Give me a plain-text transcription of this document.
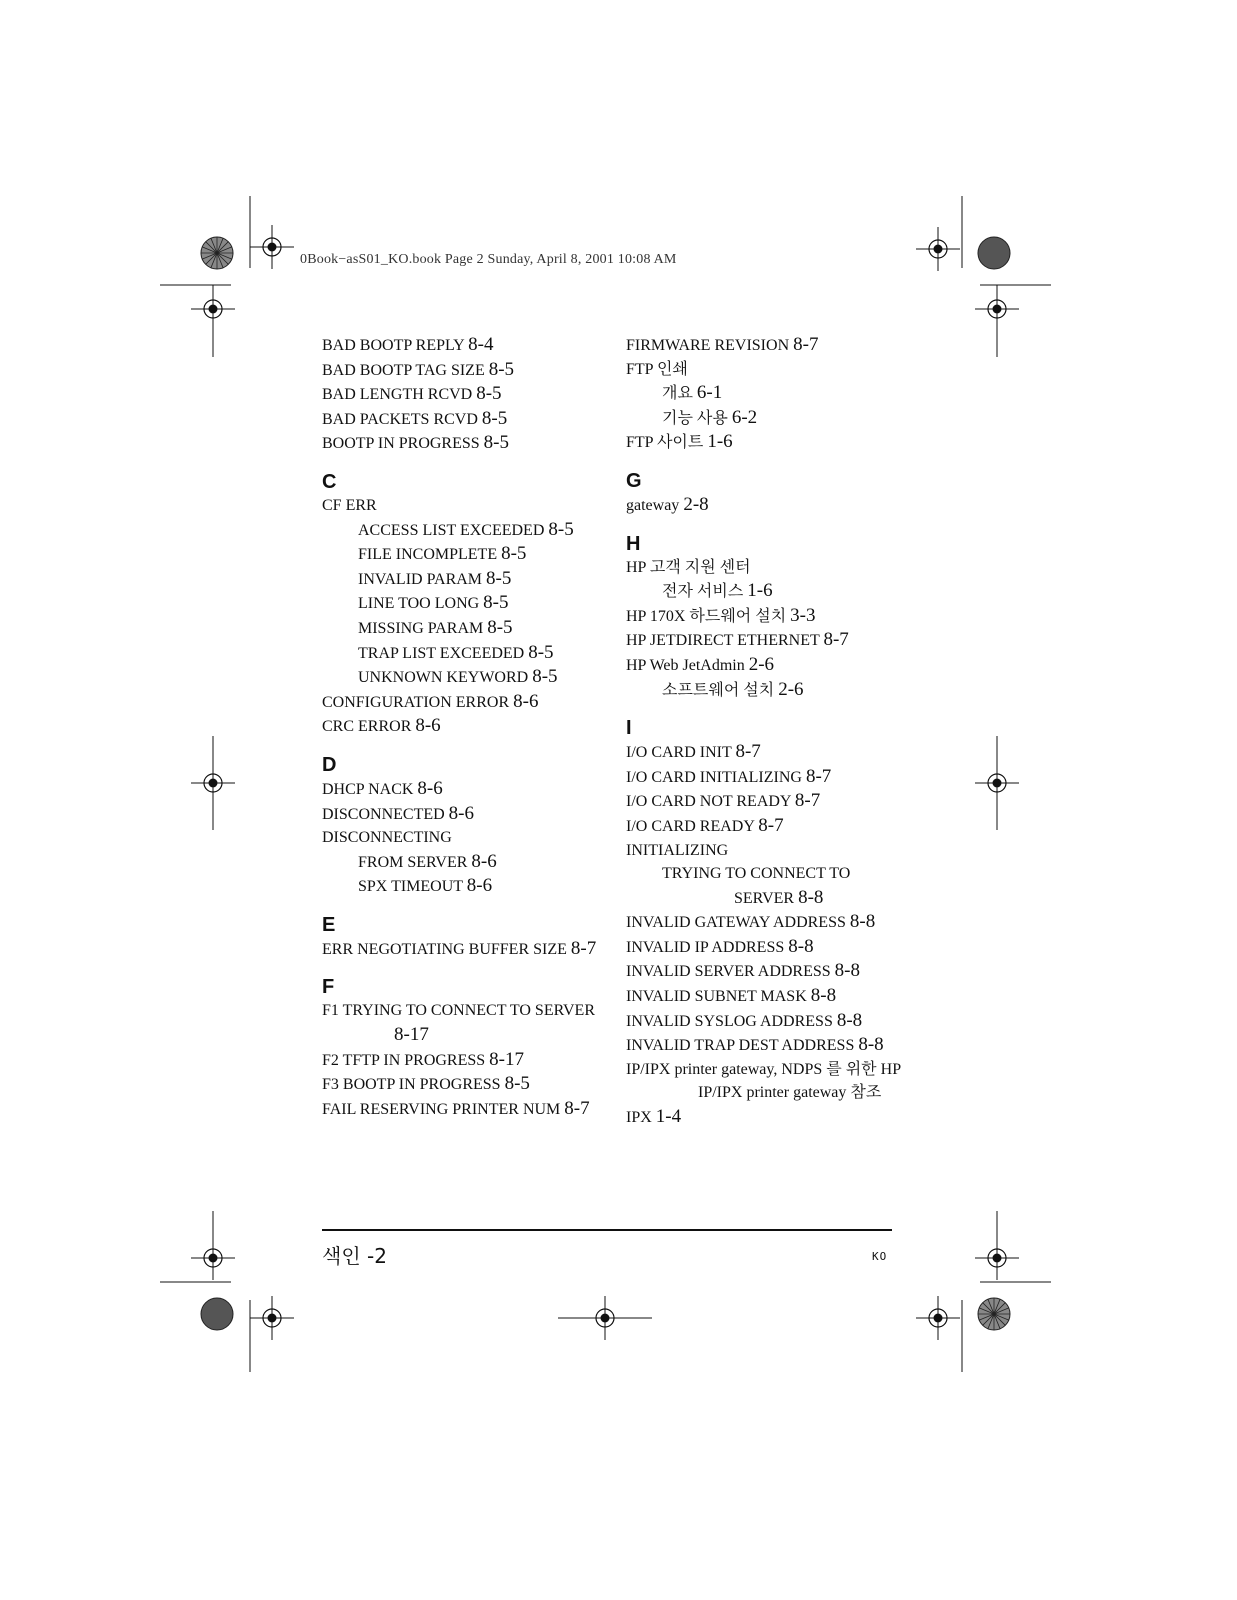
0Book−asS01_KO.book Page 2 Sunday, April 8, 2001 10:08 AM
BAD BOOTP REPLY 8-4
BAD BOOTP TAG SIZE 8-5
BAD LENGTH RCVD 8-5
BAD PACKETS RCVD 8-5
BOOTP IN PROGRESS 8-5
C
CF ERR
ACCESS LIST EXCEEDED 8-5
FILE INCOMPLETE 8-5
INVALID PARAM 8-5
LINE TOO LONG 8-5
MISSING PARAM 8-5
TRAP LIST EXCEEDED 8-5
UNKNOWN KEYWORD 8-5
CONFIGURATION ERROR 8-6
CRC ERROR 8-6
D
DHCP NACK 8-6
DISCONNECTED 8-6
DISCONNECTING
FROM SERVER 8-6
SPX TIMEOUT 8-6
E
ERR NEGOTIATING BUFFER SIZE 8-7
F
F1 TRYING TO CONNECT TO SERVER 8-17
F2 TFTP IN PROGRESS 8-17
F3 BOOTP IN PROGRESS 8-5
FAIL RESERVING PRINTER NUM 8-7
FIRMWARE REVISION 8-7
FTP 인쇄
개요 6-1
기능 사용 6-2
FTP 사이트 1-6
G
gateway 2-8
H
HP 고객 지원 센터
전자 서비스 1-6
HP 170X 하드웨어 설치 3-3
HP JETDIRECT ETHERNET 8-7
HP Web JetAdmin 2-6
소프트웨어 설치 2-6
I
I/O CARD INIT 8-7
I/O CARD INITIALIZING 8-7
I/O CARD NOT READY 8-7
I/O CARD READY 8-7
INITIALIZING
TRYING TO CONNECT TO SERVER 8-8
INVALID GATEWAY ADDRESS 8-8
INVALID IP ADDRESS 8-8
INVALID SERVER ADDRESS 8-8
INVALID SUBNET MASK 8-8
INVALID SYSLOG ADDRESS 8-8
INVALID TRAP DEST ADDRESS 8-8
IP/IPX printer gateway, NDPS 를 위한 HP IP/IPX printer gateway 참조
IPX 1-4
색인 -2	KO
